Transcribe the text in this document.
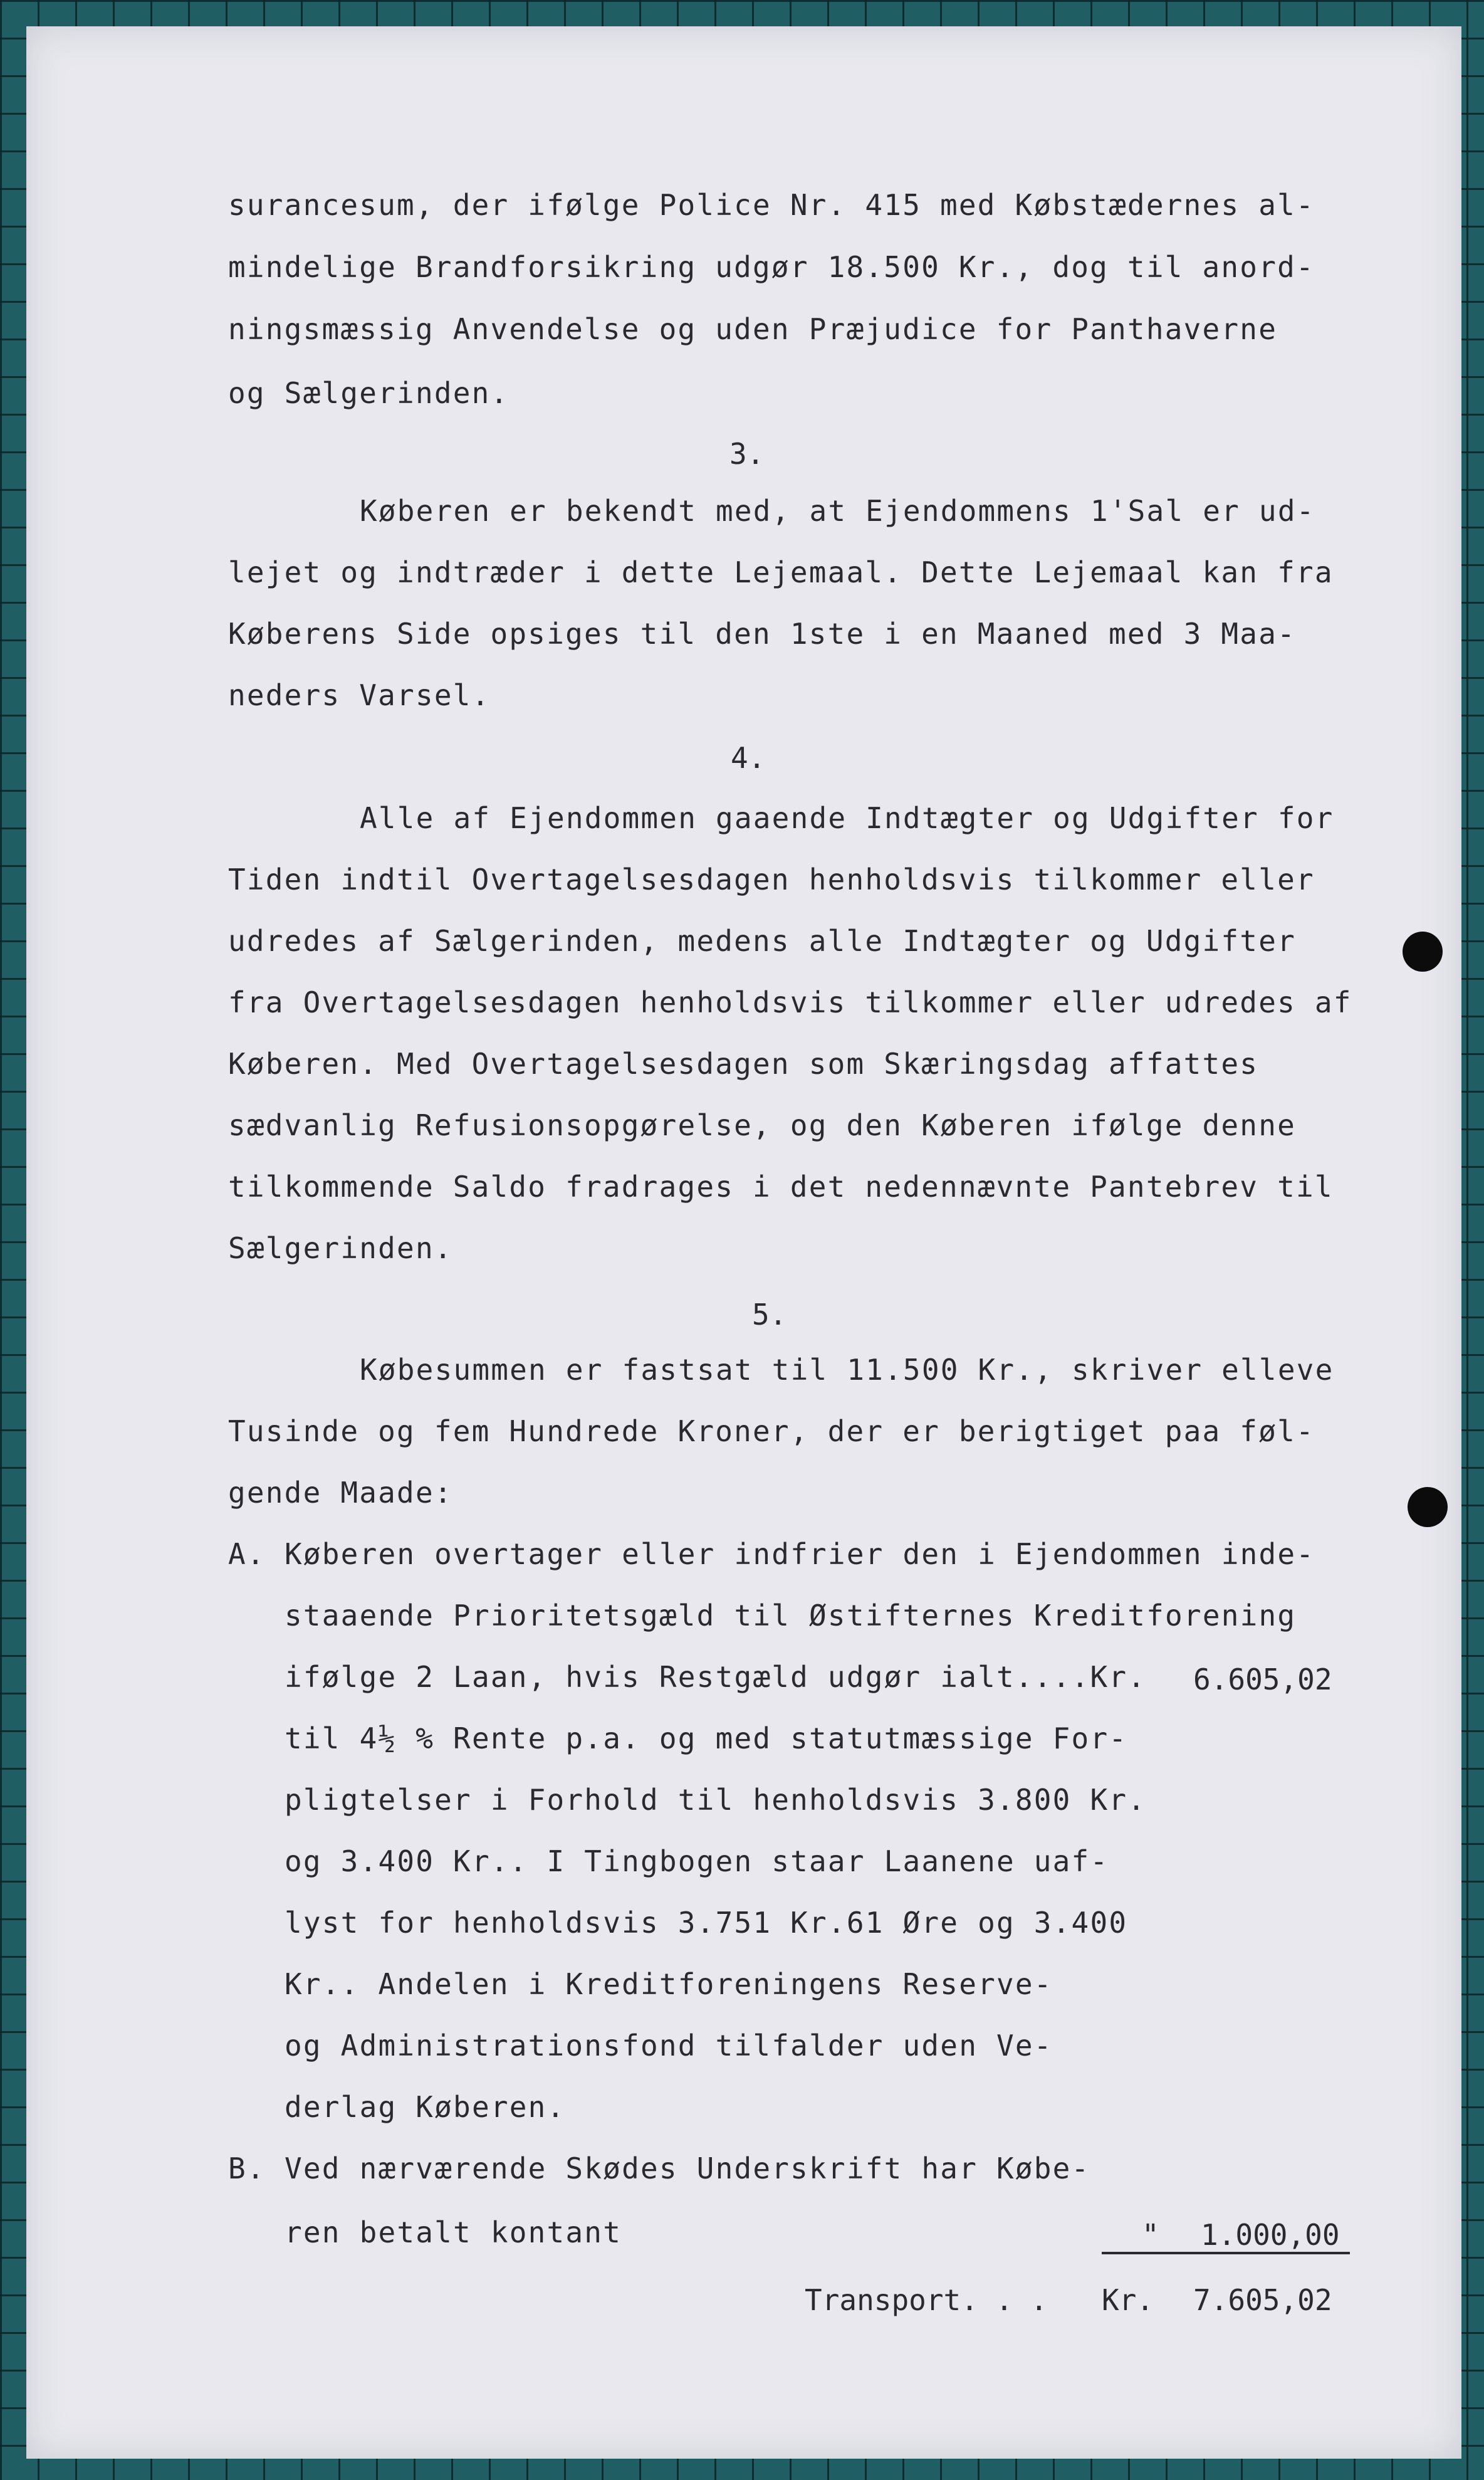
surancesum, der ifølge Police Nr. 415 med Købstædernes al-
mindelige Brandforsikring udgør 18.500 Kr., dog til anord-
ningsmæssig Anvendelse og uden Præjudice for Panthaverne
og Sælgerinden.
3.
Køberen er bekendt med, at Ejendommens 1'Sal er ud-
lejet og indtræder i dette Lejemaal. Dette Lejemaal kan fra
Køberens Side opsiges til den 1ste i en Maaned med 3 Maa-
neders Varsel.
4.
Alle af Ejendommen gaaende Indtægter og Udgifter for
Tiden indtil Overtagelsesdagen henholdsvis tilkommer eller
udredes af Sælgerinden, medens alle Indtægter og Udgifter
fra Overtagelsesdagen henholdsvis tilkommer eller udredes af
Køberen. Med Overtagelsesdagen som Skæringsdag affattes
sædvanlig Refusionsopgørelse, og den Køberen ifølge denne
tilkommende Saldo fradrages i det nedennævnte Pantebrev til
Sælgerinden.
5.
Købesummen er fastsat til 11.500 Kr., skriver elleve
Tusinde og fem Hundrede Kroner, der er berigtiget paa føl-
gende Maade:
A. Køberen overtager eller indfrier den i Ejendommen inde-
staaende Prioritetsgæld til Østifternes Kreditforening
ifølge 2 Laan, hvis Restgæld udgør ialt....Kr. 6.605,02
til 4½ % Rente p.a. og med statutmæssige For-
pligtelser i Forhold til henholdsvis 3.800 Kr.
og 3.400 Kr.. I Tingbogen staar Laanene uaf-
lyst for henholdsvis 3.751 Kr.61 Øre og 3.400
Kr.. Andelen i Kreditforeningens Reserve-
og Administrationsfond tilfalder uden Ve-
derlag Køberen.
B. Ved nærværende Skødes Underskrift har Købe-
ren betalt kontant	" 1.000,00
Transport. . . Kr. 7.605,02
